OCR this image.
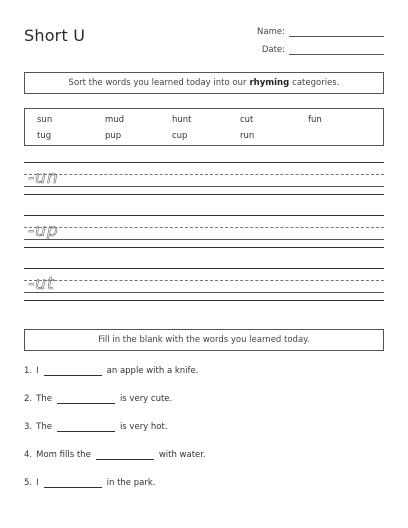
Short U	Name:
Date:
Sort the words you learned today into our rhyming categories.
sun	mud	hunt	cut	fun
tug	pup	cup	run
-un
-up
-ut
Fill in the blank with the words you learned today.
1. I	an apple with a knife.
2. The	is very cute.
3. The	is very hot.
4. Mom fills the	with water.
5. I	in the park.
